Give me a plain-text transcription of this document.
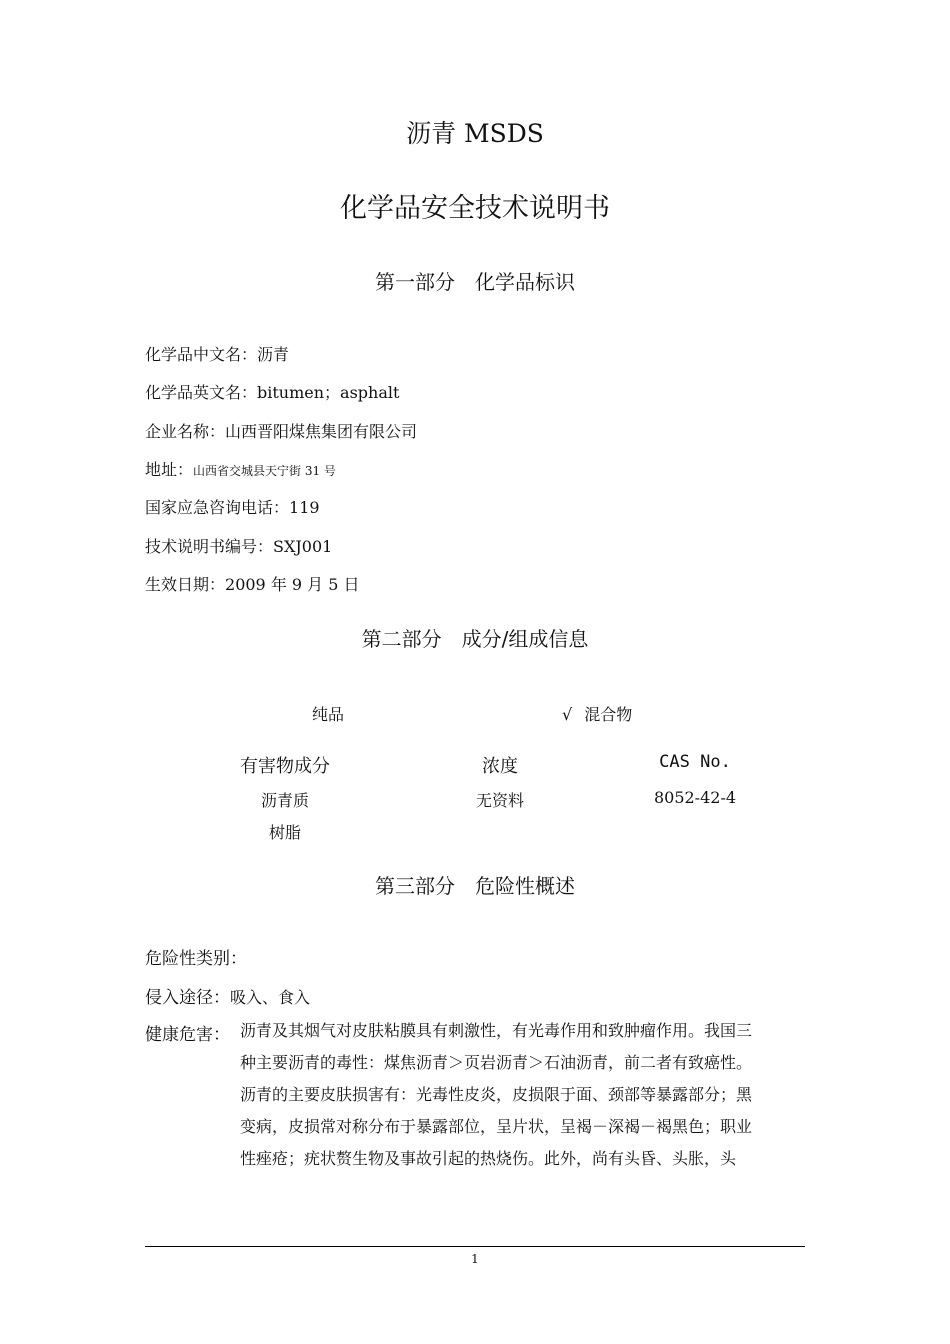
沥青 MSDS
化学品安全技术说明书
第一部分　化学品标识
化学品中文名：沥青
化学品英文名：bitumen；asphalt
企业名称：山西晋阳煤焦集团有限公司
地址：山西省交城县天宁街 31 号
国家应急咨询电话：119
技术说明书编号：SXJ001
生效日期：2009 年 9 月 5 日
第二部分　成分/组成信息
纯品	√ 混合物
有害物成分	浓度	CAS No.
沥青质	无资料	8052-42-4
树脂
第三部分　危险性概述
危险性类别：
侵入途径：吸入、食入
健康危害： 沥青及其烟气对皮肤粘膜具有刺激性，有光毒作用和致肿瘤作用。我国三
种主要沥青的毒性：煤焦沥青＞页岩沥青＞石油沥青，前二者有致癌性。
沥青的主要皮肤损害有：光毒性皮炎，皮损限于面、颈部等暴露部分；黑
变病，皮损常对称分布于暴露部位，呈片状，呈褐－深褐－褐黑色；职业
性痤疮；疣状赘生物及事故引起的热烧伤。此外，尚有头昏、头胀，头
1
